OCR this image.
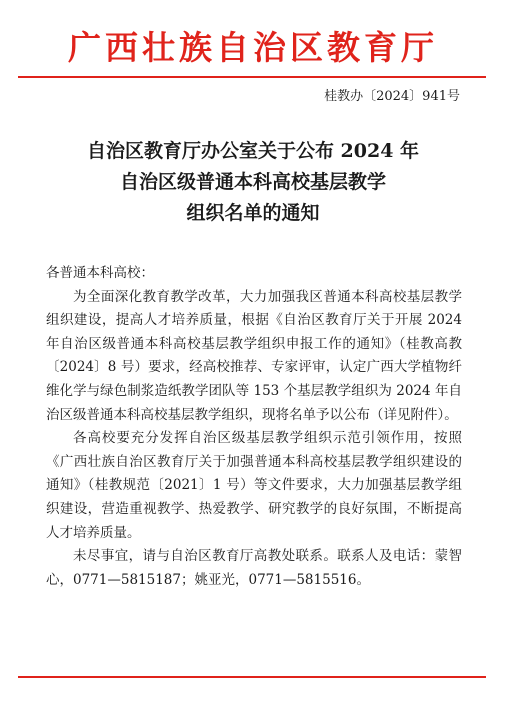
广西壮族自治区教育厅
桂教办〔2024〕941号
自治区教育厅办公室关于公布 2024 年
自治区级普通本科高校基层教学
组织名单的通知
各普通本科高校：
为全面深化教育教学改革，大力加强我区普通本科高校基层教学组织建设，提高人才培养质量，根据《自治区教育厅关于开展 2024 年自治区级普通本科高校基层教学组织申报工作的通知》（桂教高教〔2024〕8 号）要求，经高校推荐、专家评审，认定广西大学植物纤维化学与绿色制浆造纸教学团队等 153 个基层教学组织为 2024 年自治区级普通本科高校基层教学组织，现将名单予以公布（详见附件）。
各高校要充分发挥自治区级基层教学组织示范引领作用，按照《广西壮族自治区教育厅关于加强普通本科高校基层教学组织建设的通知》（桂教规范〔2021〕1 号）等文件要求，大力加强基层教学组织建设，营造重视教学、热爱教学、研究教学的良好氛围，不断提高人才培养质量。
未尽事宜，请与自治区教育厅高教处联系。联系人及电话：蒙智心，0771—5815187；姚亚光，0771—5815516。
